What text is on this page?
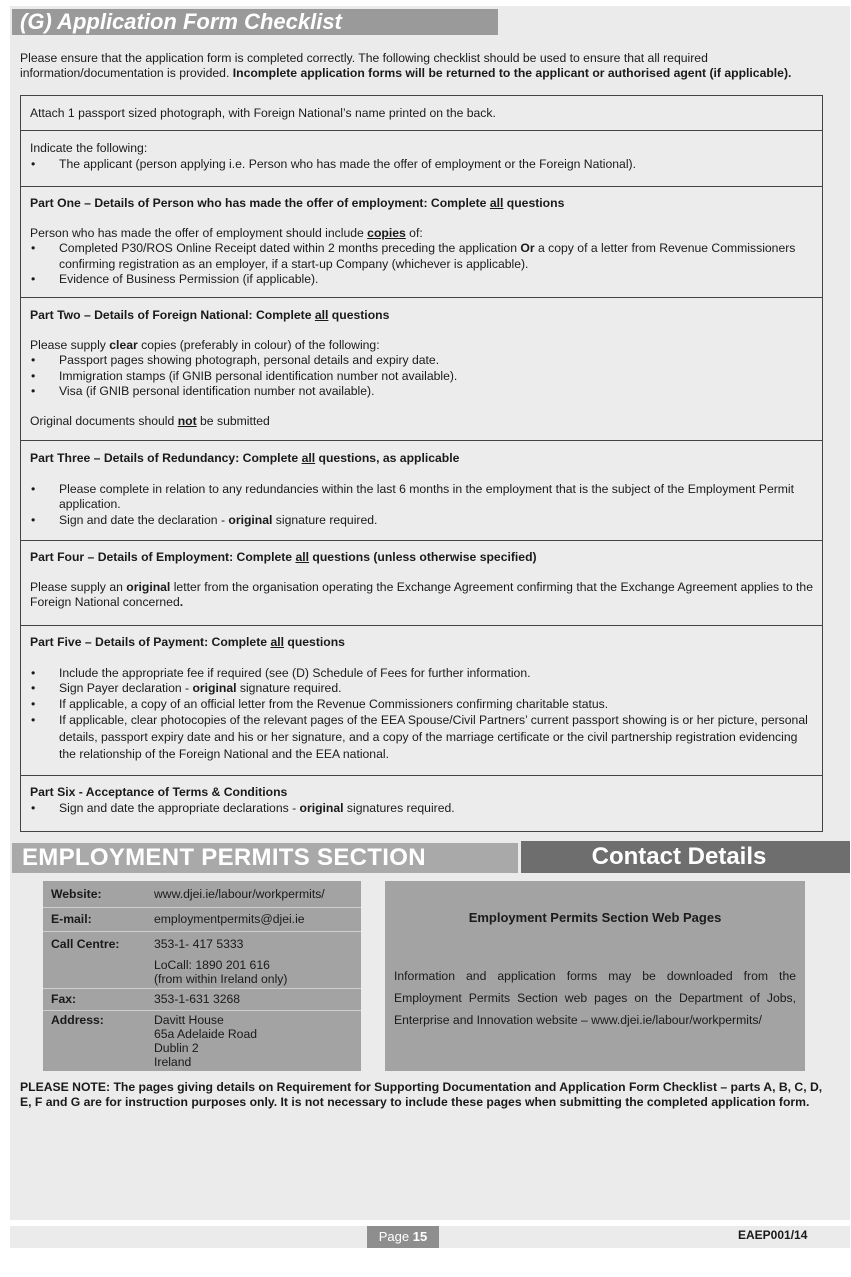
(G) Application Form Checklist
Please ensure that the application form is completed correctly. The following checklist should be used to ensure that all required information/documentation is provided. Incomplete application forms will be returned to the applicant or authorised agent (if applicable).

Attach 1 passport sized photograph, with Foreign National’s name printed on the back.

Indicate the following:

• The applicant (person applying i.e. Person who has made the offer of employment or the Foreign National).

Part One – Details of Person who has made the offer of employment: Complete all questions

Person who has made the offer of employment should include copies of:

• Completed P30/ROS Online Receipt dated within 2 months preceding the application Or a copy of a letter from Revenue Commissioners confirming registration as an employer, if a start-up Company (whichever is applicable).

• Evidence of Business Permission (if applicable).

Part Two – Details of Foreign National: Complete all questions

Please supply clear copies (preferably in colour) of the following:

• Passport pages showing photograph, personal details and expiry date.

• Immigration stamps (if GNIB personal identification number not available).

• Visa (if GNIB personal identification number not available).

Original documents should not be submitted

Part Three – Details of Redundancy: Complete all questions, as applicable

• Please complete in relation to any redundancies within the last 6 months in the employment that is the subject of the Employment Permit application.

• Sign and date the declaration - original signature required.

Part Four – Details of Employment: Complete all questions (unless otherwise specified)

Please supply an original letter from the organisation operating the Exchange Agreement confirming that the Exchange Agreement applies to the Foreign National concerned.

Part Five – Details of Payment: Complete all questions

• Include the appropriate fee if required (see (D) Schedule of Fees for further information.

• Sign Payer declaration - original signature required.

• If applicable, a copy of an official letter from the Revenue Commissioners confirming charitable status.

• If applicable, clear photocopies of the relevant pages of the EEA Spouse/Civil Partners’ current passport showing is or her picture, personal details, passport expiry date and his or her signature, and a copy of the marriage certificate or the civil partnership registration evidencing the relationship of the Foreign National and the EEA national.

Part Six - Acceptance of Terms & Conditions

• Sign and date the appropriate declarations - original signatures required.

EMPLOYMENT PERMITS SECTION	Contact Details
Website:	www.djei.ie/labour/workpermits/
E-mail:	employmentpermits@djei.ie
Call Centre:	353-1- 417 5333
LoCall: 1890 201 616
(from within Ireland only)
Fax:	353-1-631 3268
Address:	Davitt House
65a Adelaide Road
Dublin 2
Ireland
Employment Permits Section Web Pages
Information and application forms may be downloaded from the Employment Permits Section web pages on the Department of Jobs, Enterprise and Innovation website – www.djei.ie/labour/workpermits/
PLEASE NOTE: The pages giving details on Requirement for Supporting Documentation and Application Form Checklist – parts A, B, C, D, E, F and G are for instruction purposes only. It is not necessary to include these pages when submitting the completed application form.
Page 15	EAEP001/14
